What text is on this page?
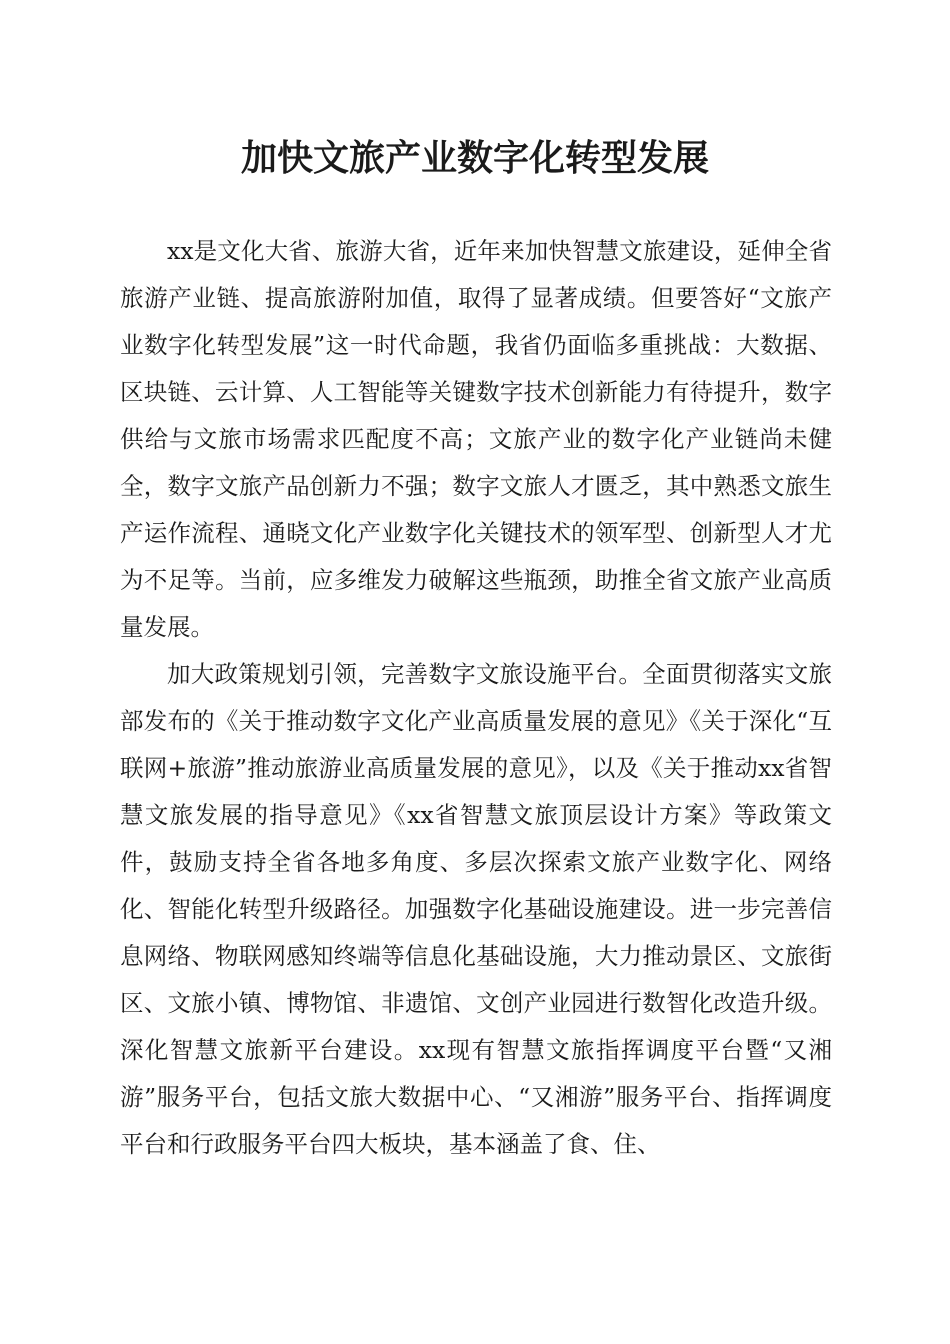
加快文旅产业数字化转型发展

xx是文化大省、旅游大省，近年来加快智慧文旅建设，延伸全省旅游产业链、提高旅游附加值，取得了显著成绩。但要答好“文旅产业数字化转型发展”这一时代命题，我省仍面临多重挑战：大数据、区块链、云计算、人工智能等关键数字技术创新能力有待提升，数字供给与文旅市场需求匹配度不高；文旅产业的数字化产业链尚未健全，数字文旅产品创新力不强；数字文旅人才匮乏，其中熟悉文旅生产运作流程、通晓文化产业数字化关键技术的领军型、创新型人才尤为不足等。当前，应多维发力破解这些瓶颈，助推全省文旅产业高质量发展。

加大政策规划引领，完善数字文旅设施平台。全面贯彻落实文旅部发布的《关于推动数字文化产业高质量发展的意见》《关于深化“互联网+旅游”推动旅游业高质量发展的意见》，以及《关于推动xx省智慧文旅发展的指导意见》《xx省智慧文旅顶层设计方案》等政策文件，鼓励支持全省各地多角度、多层次探索文旅产业数字化、网络化、智能化转型升级路径。加强数字化基础设施建设。进一步完善信息网络、物联网感知终端等信息化基础设施，大力推动景区、文旅街区、文旅小镇、博物馆、非遗馆、文创产业园进行数智化改造升级。深化智慧文旅新平台建设。xx现有智慧文旅指挥调度平台暨“又湘游”服务平台，包括文旅大数据中心、“又湘游”服务平台、指挥调度平台和行政服务平台四大板块，基本涵盖了食、住、
